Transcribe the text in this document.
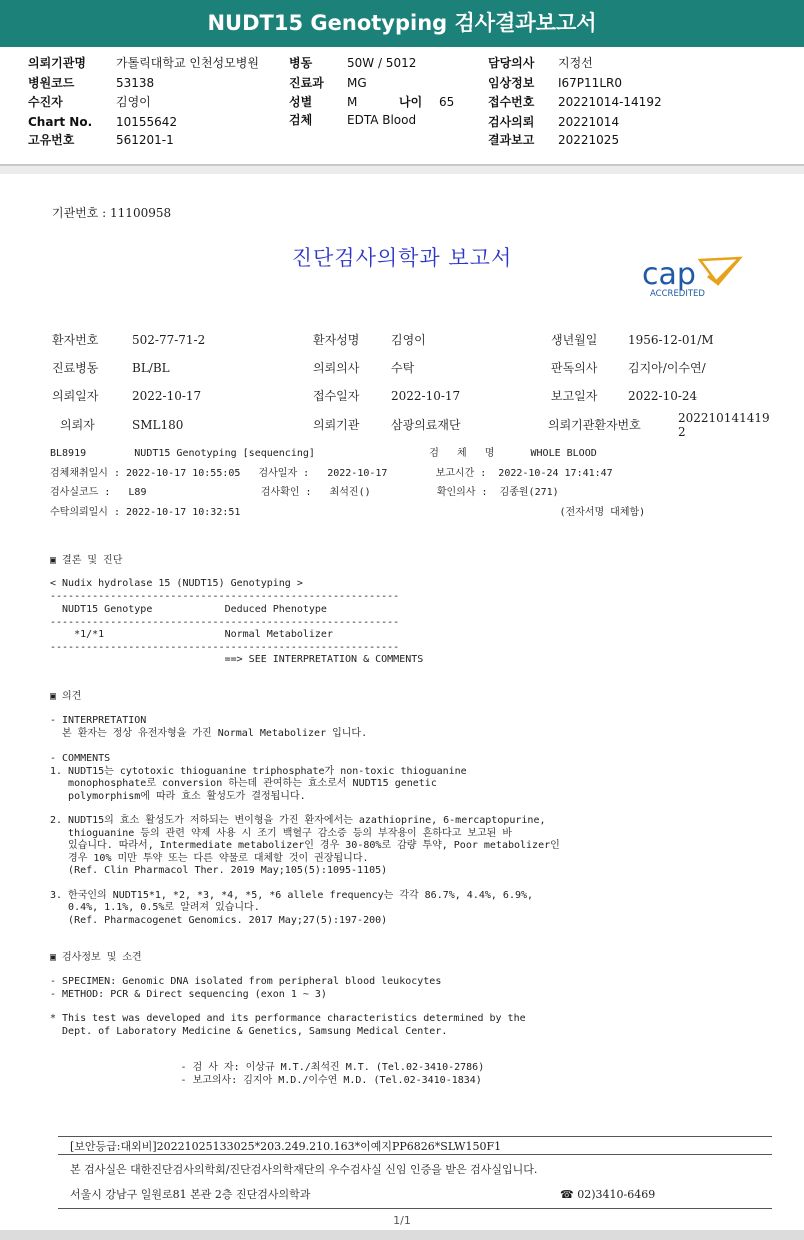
NUDT15 Genotyping 검사결과보고서
의뢰기관명	가톨릭대학교 인천성모병원
병원코드	53138
수진자	김영이
Chart No. 10155642
고유번호	561201-1
병동	50W / 5012
진료과 MG
성별	M	나이 65
검체	EDTA Blood
담당의사 지정선
임상정보 I67P11LR0
접수번호 20221014-14192
검사의뢰 20221014
결과보고 20221025
기관번호 : 11100958
진단검사의학과 보고서	cap
ACCREDITED
환자번호	502-77-71-2	환자성명	김영이	생년월일	1956-12-01/M
진료병동	BL/BL	의뢰의사	수탁	판독의사	김지아/이수연/
의뢰일자	2022-10-17	접수일자	2022-10-17	보고일자	2022-10-24
의뢰자	SML180	의뢰기관	삼광의료재단	의뢰기관환자번호	202210141419
2
BL8919        NUDT15 Genotyping [sequencing]                   검   체   명      WHOLE BLOOD
검체채취일시 : 2022-10-17 10:55:05   검사일자 :   2022-10-17        보고시간 :  2022-10-24 17:41:47
검사실코드 :   L89                   검사확인 :   최석진()           확인의사 :  김종원(271)
수탁의뢰일시 : 2022-10-17 10:32:51                                                     (전자서명 대체함)
▣ 결론 및 진단
< Nudix hydrolase 15 (NUDT15) Genotyping >
----------------------------------------------------------
NUDT15 Genotype            Deduced Phenotype
----------------------------------------------------------
*1/*1                    Normal Metabolizer
----------------------------------------------------------
==> SEE INTERPRETATION & COMMENTS
▣ 의견
- INTERPRETATION
본 환자는 정상 유전자형을 가진 Normal Metabolizer 입니다.
- COMMENTS
1. NUDT15는 cytotoxic thioguanine triphosphate가 non-toxic thioguanine
monophosphate로 conversion 하는데 관여하는 효소로서 NUDT15 genetic
polymorphism에 따라 효소 활성도가 결정됩니다.
2. NUDT15의 효소 활성도가 저하되는 변이형을 가진 환자에서는 azathioprine, 6-mercaptopurine,
thioguanine 등의 관련 약제 사용 시 조기 백혈구 감소증 등의 부작용이 흔하다고 보고된 바
있습니다. 따라서, Intermediate metabolizer인 경우 30-80%로 감량 투약, Poor metabolizer인
경우 10% 미만 투약 또는 다른 약물로 대체할 것이 권장됩니다.
(Ref. Clin Pharmacol Ther. 2019 May;105(5):1095-1105)
3. 한국인의 NUDT15*1, *2, *3, *4, *5, *6 allele frequency는 각각 86.7%, 4.4%, 6.9%,
0.4%, 1.1%, 0.5%로 알려져 있습니다.
(Ref. Pharmacogenet Genomics. 2017 May;27(5):197-200)
▣ 검사정보 및 소견
- SPECIMEN: Genomic DNA isolated from peripheral blood leukocytes
- METHOD: PCR & Direct sequencing (exon 1 ~ 3)
* This test was developed and its performance characteristics determined by the
Dept. of Laboratory Medicine & Genetics, Samsung Medical Center.
- 검 사 자: 이상규 M.T./최석진 M.T. (Tel.02-3410-2786)
- 보고의사: 김지아 M.D./이수연 M.D. (Tel.02-3410-1834)
[보안등급:대외비]20221025133025*203.249.210.163*이예지PP6826*SLW150F1
본 검사실은 대한진단검사의학회/진단검사의학재단의 우수검사실 신임 인증을 받은 검사실입니다.
서울시 강남구 일원로81 본관 2층 진단검사의학과	☎ 02)3410-6469
1/1
